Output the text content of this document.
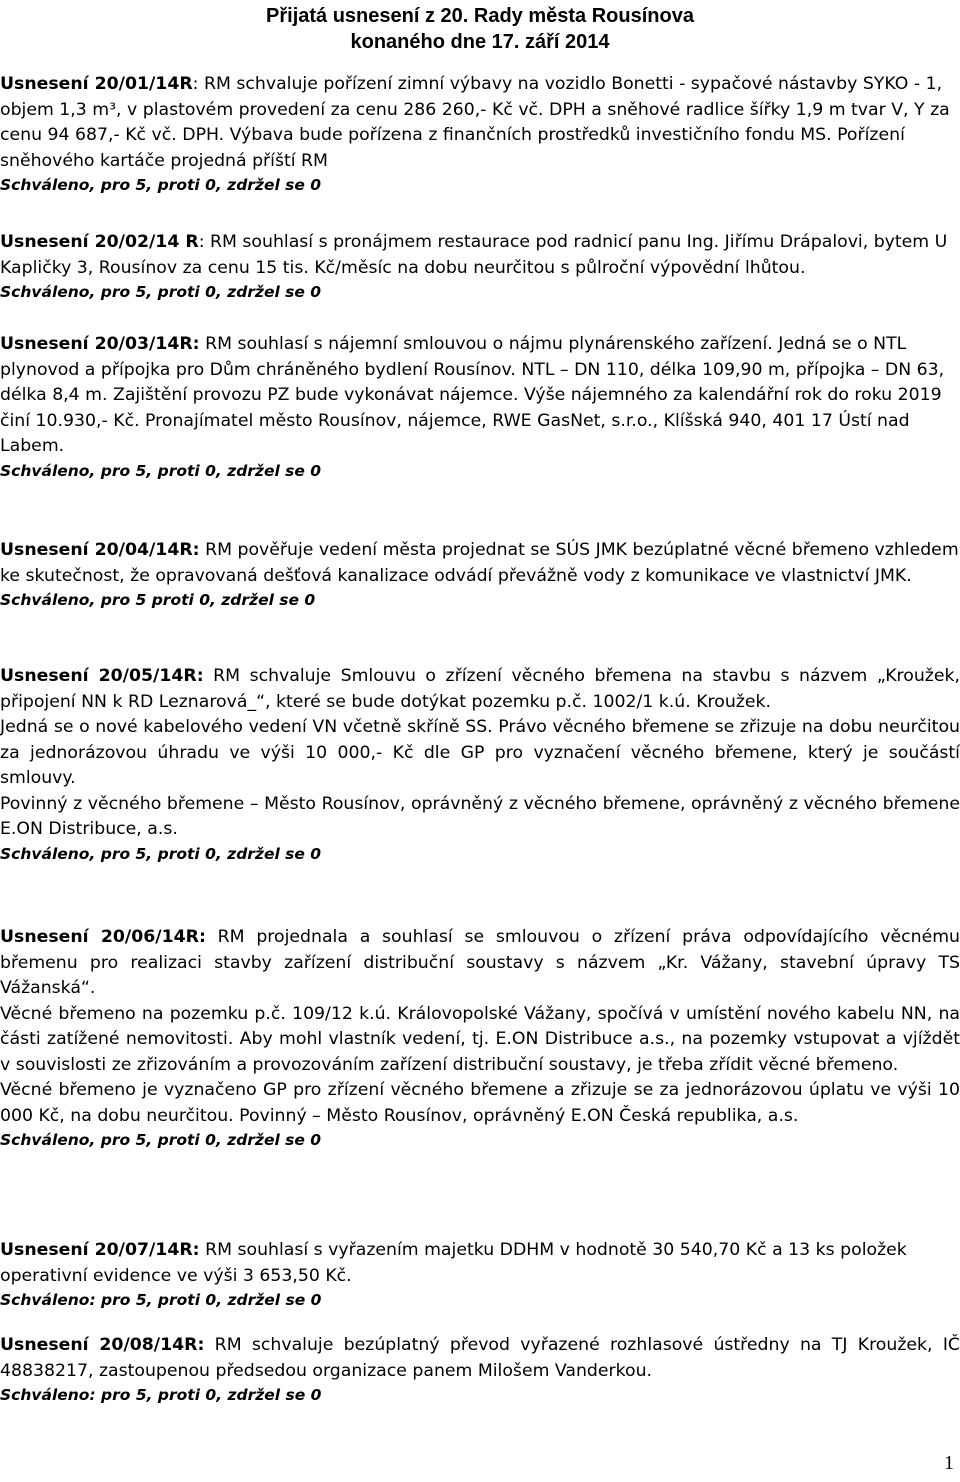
Přijatá usnesení z 20. Rady města Rousínova
konaného dne 17. září 2014

Usnesení 20/01/14R: RM schvaluje pořízení zimní výbavy na vozidlo Bonetti - sypačové nástavby SYKO - 1, objem 1,3 m³, v plastovém provedení za cenu 286 260,- Kč vč. DPH a sněhové radlice šířky 1,9 m tvar V, Y za cenu 94 687,- Kč vč. DPH. Výbava bude pořízena z finančních prostředků investičního fondu MS. Pořízení sněhového kartáče projedná příští RM

Schváleno, pro 5, proti 0, zdržel se 0

Usnesení 20/02/14 R: RM souhlasí s pronájmem restaurace pod radnicí panu Ing. Jiřímu Drápalovi, bytem U Kapličky 3, Rousínov za cenu 15 tis. Kč/měsíc na dobu neurčitou s půlroční výpovědní lhůtou.

Schváleno, pro 5, proti 0, zdržel se 0

Usnesení 20/03/14R: RM souhlasí s nájemní smlouvou o nájmu plynárenského zařízení. Jedná se o NTL plynovod a přípojka pro Dům chráněného bydlení Rousínov. NTL – DN 110, délka 109,90 m, přípojka – DN 63, délka 8,4 m. Zajištění provozu PZ bude vykonávat nájemce. Výše nájemného za kalendářní rok do roku 2019 činí 10.930,- Kč. Pronajímatel město Rousínov, nájemce, RWE GasNet, s.r.o., Klíšská 940, 401 17 Ústí nad Labem.

Schváleno, pro 5, proti 0, zdržel se 0

Usnesení 20/04/14R: RM pověřuje vedení města projednat se SÚS JMK bezúplatné věcné břemeno vzhledem ke skutečnost, že opravovaná dešťová kanalizace odvádí převážně vody z komunikace ve vlastnictví JMK.

Schváleno, pro 5 proti 0, zdržel se 0

Usnesení 20/05/14R: RM schvaluje Smlouvu o zřízení věcného břemena na stavbu s názvem „Kroužek, připojení NN k RD Leznarová_“, které se bude dotýkat pozemku p.č. 1002/1 k.ú. Kroužek.

Jedná se o nové kabelového vedení VN včetně skříně SS. Právo věcného břemene se zřizuje na dobu neurčitou za jednorázovou úhradu ve výši 10 000,- Kč dle GP pro vyznačení věcného břemene, který je součástí smlouvy.

Povinný z věcného břemene – Město Rousínov, oprávněný z věcného břemene, oprávněný z věcného břemene E.ON Distribuce, a.s.

Schváleno, pro 5, proti 0, zdržel se 0

Usnesení 20/06/14R: RM projednala a souhlasí se smlouvou o zřízení práva odpovídajícího věcnému břemenu pro realizaci stavby zařízení distribuční soustavy s názvem „Kr. Vážany, stavební úpravy TS Vážanská“.

Věcné břemeno na pozemku p.č. 109/12 k.ú. Královopolské Vážany, spočívá v umístění nového kabelu NN, na části zatížené nemovitosti. Aby mohl vlastník vedení, tj. E.ON Distribuce a.s., na pozemky vstupovat a vjíždět v souvislosti ze zřizováním a provozováním zařízení distribuční soustavy, je třeba zřídit věcné břemeno.

Věcné břemeno je vyznačeno GP pro zřízení věcného břemene a zřizuje se za jednorázovou úplatu ve výši 10 000 Kč, na dobu neurčitou. Povinný – Město Rousínov, oprávněný E.ON Česká republika, a.s.

Schváleno, pro 5, proti 0, zdržel se 0

Usnesení 20/07/14R: RM souhlasí s vyřazením majetku DDHM v hodnotě 30 540,70 Kč a 13 ks položek operativní evidence ve výši 3 653,50 Kč.

Schváleno: pro 5, proti 0, zdržel se 0

Usnesení 20/08/14R: RM schvaluje bezúplatný převod vyřazené rozhlasové ústředny na TJ Kroužek, IČ 48838217, zastoupenou předsedou organizace panem Milošem Vanderkou.

Schváleno: pro 5, proti 0, zdržel se 0
1
